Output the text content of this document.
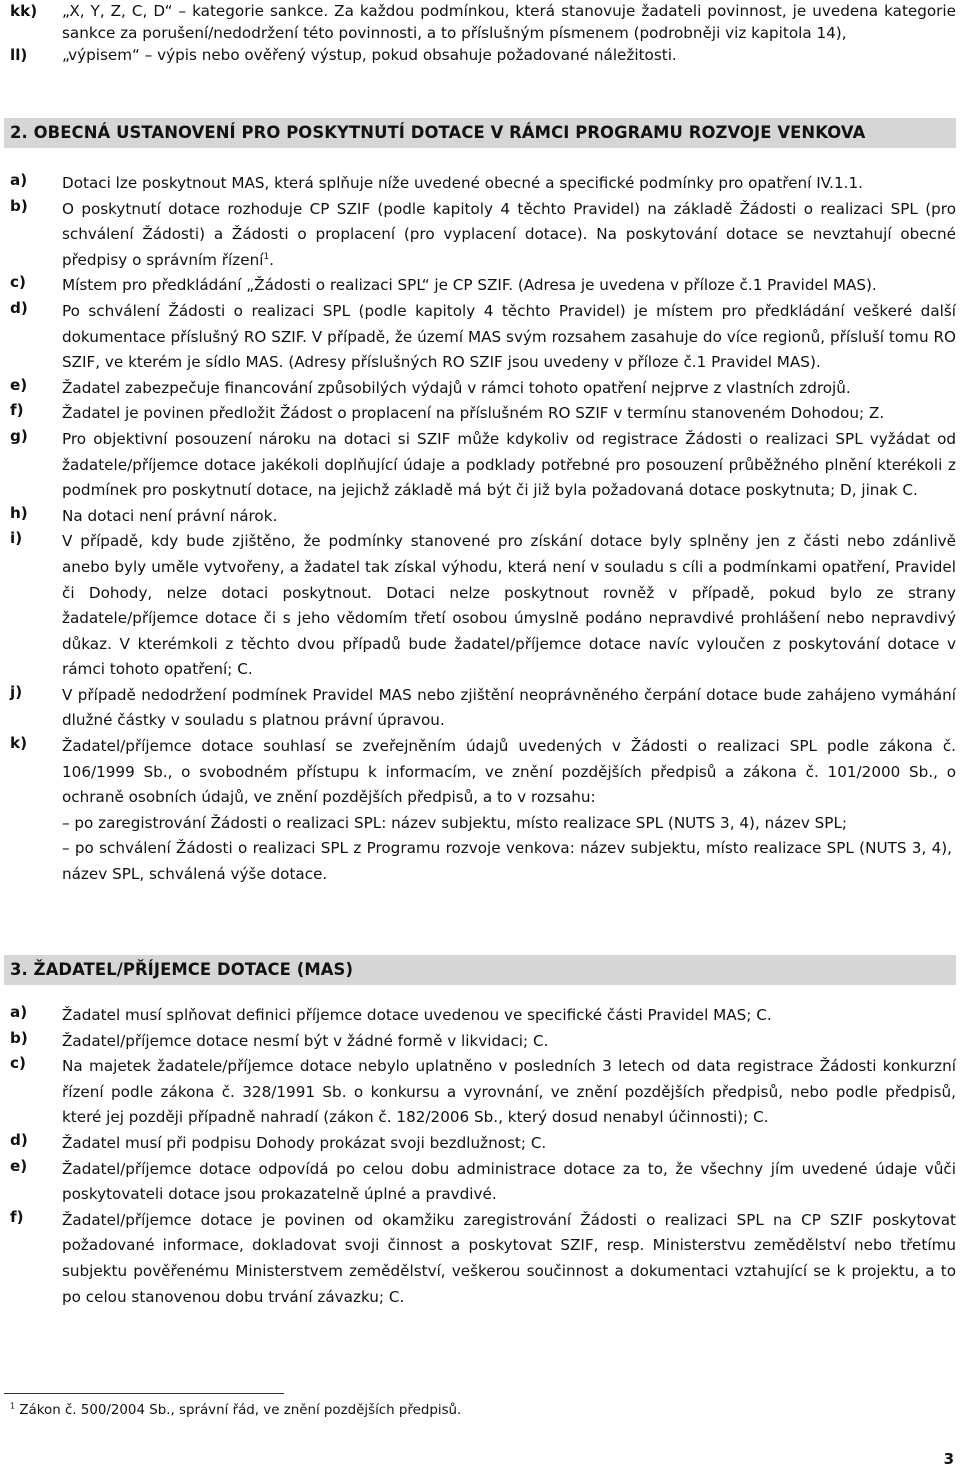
kk)	„X, Y, Z, C, D“ – kategorie sankce. Za každou podmínkou, která stanovuje žadateli povinnost, je uvedena kategorie sankce za porušení/nedodržení této povinnosti, a to příslušným písmenem (podrobněji viz kapitola 14),
ll)	„výpisem“ – výpis nebo ověřený výstup, pokud obsahuje požadované náležitosti.
2. OBECNÁ USTANOVENÍ PRO POSKYTNUTÍ DOTACE V RÁMCI PROGRAMU ROZVOJE VENKOVA
a)	Dotaci lze poskytnout MAS, která splňuje níže uvedené obecné a specifické podmínky pro opatření IV.1.1.
b)	O poskytnutí dotace rozhoduje CP SZIF (podle kapitoly 4 těchto Pravidel) na základě Žádosti o realizaci SPL (pro schválení Žádosti) a Žádosti o proplacení (pro vyplacení dotace). Na poskytování dotace se nevztahují obecné předpisy o správním řízení$^1$.
c)	Místem pro předkládání „Žádosti o realizaci SPL“ je CP SZIF. (Adresa je uvedena v příloze č.1 Pravidel MAS).
d)	Po schválení Žádosti o realizaci SPL (podle kapitoly 4 těchto Pravidel) je místem pro předkládání veškeré další dokumentace příslušný RO SZIF. V případě, že území MAS svým rozsahem zasahuje do více regionů, přísluší tomu RO SZIF, ve kterém je sídlo MAS. (Adresy příslušných RO SZIF jsou uvedeny v příloze č.1 Pravidel MAS).
e)	Žadatel zabezpečuje financování způsobilých výdajů v rámci tohoto opatření nejprve z vlastních zdrojů.
f)	Žadatel je povinen předložit Žádost o proplacení na příslušném RO SZIF v termínu stanoveném Dohodou; Z.
g)	Pro objektivní posouzení nároku na dotaci si SZIF může kdykoliv od registrace Žádosti o realizaci SPL vyžádat od žadatele/příjemce dotace jakékoli doplňující údaje a podklady potřebné pro posouzení průběžného plnění kterékoli z podmínek pro poskytnutí dotace, na jejichž základě má být či již byla požadovaná dotace poskytnuta; D, jinak C.
h)	Na dotaci není právní nárok.
i)	V případě, kdy bude zjištěno, že podmínky stanovené pro získání dotace byly splněny jen z části nebo zdánlivě anebo byly uměle vytvořeny, a žadatel tak získal výhodu, která není v souladu s cíli a podmínkami opatření, Pravidel či Dohody, nelze dotaci poskytnout. Dotaci nelze poskytnout rovněž v případě, pokud bylo ze strany žadatele/příjemce dotace či s jeho vědomím třetí osobou úmyslně podáno nepravdivé prohlášení nebo nepravdivý důkaz. V kterémkoli z těchto dvou případů bude žadatel/příjemce dotace navíc vyloučen z poskytování dotace v rámci tohoto opatření; C.
j)	V případě nedodržení podmínek Pravidel MAS nebo zjištění neoprávněného čerpání dotace bude zahájeno vymáhání dlužné částky v souladu s platnou právní úpravou.
k)	Žadatel/příjemce dotace souhlasí se zveřejněním údajů uvedených v Žádosti o realizaci SPL podle zákona č. 106/1999 Sb., o svobodném přístupu k informacím, ve znění pozdějších předpisů a zákona č. 101/2000 Sb., o ochraně osobních údajů, ve znění pozdějších předpisů, a to v rozsahu:
– po zaregistrování Žádosti o realizaci SPL: název subjektu, místo realizace SPL (NUTS 3, 4), název SPL;
– po schválení Žádosti o realizaci SPL z Programu rozvoje venkova: název subjektu, místo realizace SPL (NUTS 3, 4), název SPL, schválená výše dotace.
3. ŽADATEL/PŘÍJEMCE DOTACE (MAS)
a)	Žadatel musí splňovat definici příjemce dotace uvedenou ve specifické části Pravidel MAS; C.
b)	Žadatel/příjemce dotace nesmí být v žádné formě v likvidaci; C.
c)	Na majetek žadatele/příjemce dotace nebylo uplatněno v posledních 3 letech od data registrace Žádosti konkurzní řízení podle zákona č. 328/1991 Sb. o konkursu a vyrovnání, ve znění pozdějších předpisů, nebo podle předpisů, které jej později případně nahradí (zákon č. 182/2006 Sb., který dosud nenabyl účinnosti); C.
d)	Žadatel musí při podpisu Dohody prokázat svoji bezdlužnost; C.
e)	Žadatel/příjemce dotace odpovídá po celou dobu administrace dotace za to, že všechny jím uvedené údaje vůči poskytovateli dotace jsou prokazatelně úplné a pravdivé.
f)	Žadatel/příjemce dotace je povinen od okamžiku zaregistrování Žádosti o realizaci SPL na CP SZIF poskytovat požadované informace, dokladovat svoji činnost a poskytovat SZIF, resp. Ministerstvu zemědělství nebo třetímu subjektu pověřenému Ministerstvem zemědělství, veškerou součinnost a dokumentaci vztahující se k projektu, a to po celou stanovenou dobu trvání závazku; C.
$^1$ Zákon č. 500/2004 Sb., správní řád, ve znění pozdějších předpisů.
3
